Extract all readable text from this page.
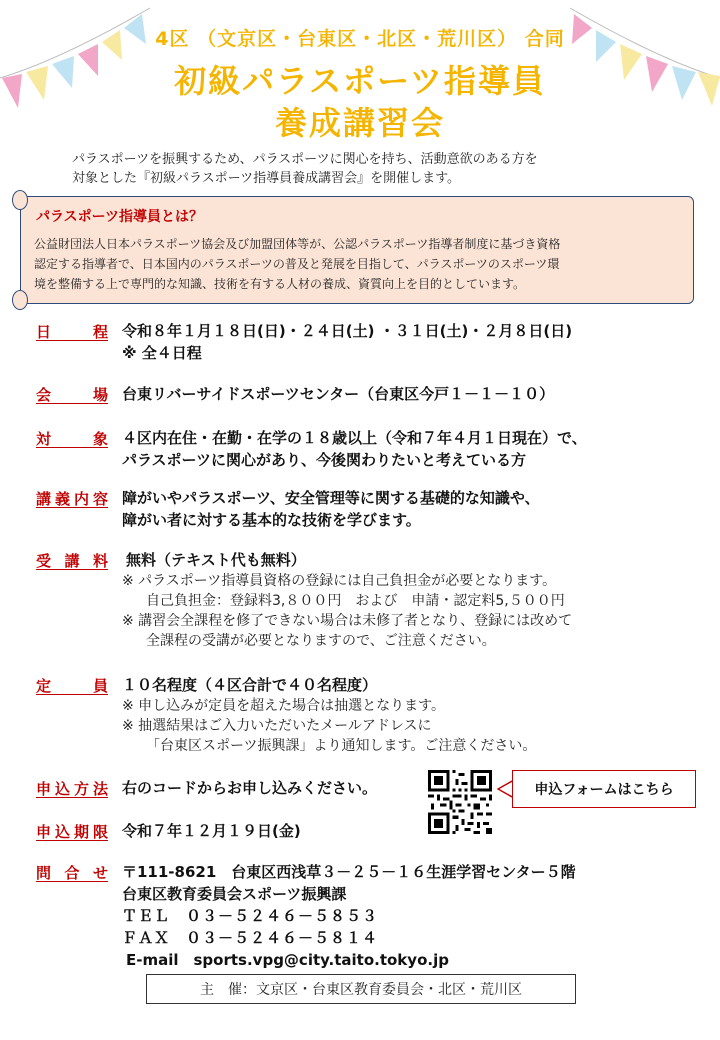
4区 （文京区・台東区・北区・荒川区） 合同
初級パラスポーツ指導員
養成講習会
パラスポーツを振興するため、パラスポーツに関心を持ち、活動意欲のある方を
対象とした『初級パラスポーツ指導員養成講習会』を開催します。
パラスポーツ指導員とは？
公益財団法人日本パラスポーツ協会及び加盟団体等が、公認パラスポーツ指導者制度に基づき資格
認定する指導者で、日本国内のパラスポーツの普及と発展を目指して、パラスポーツのスポーツ環
境を整備する上で専門的な知識、技術を有する人材の養成、資質向上を目的としています。
日程 令和８年１月１８日(日)・２４日(土) ・３１日(土)・２月８日(日)
※ 全４日程
会場 台東リバーサイドスポーツセンター（台東区今戸１－１－１０）
対象 ４区内在住・在勤・在学の１８歳以上（令和７年４月１日現在）で、
パラスポーツに関心があり、今後関わりたいと考えている方
講義内容 障がいやパラスポーツ、安全管理等に関する基礎的な知識や、
障がい者に対する基本的な技術を学びます。
受講料 無料（テキスト代も無料）
※ パラスポーツ指導員資格の登録には自己負担金が必要となります。
自己負担金：登録料3,８００円　および　申請・認定料5,５００円
※ 講習会全課程を修了できない場合は未修了者となり、登録には改めて
全課程の受講が必要となりますので、ご注意ください。
定員 １０名程度（４区合計で４０名程度）
※ 申し込みが定員を超えた場合は抽選となります。
※ 抽選結果はご入力いただいたメールアドレスに
「台東区スポーツ振興課」より通知します。ご注意ください。
申込方法 右のコードからお申し込みください。	申込フォームはこちら
申込期限 令和７年１２月１９日(金)
問合せ 〒111-8621　台東区西浅草３－２５－１６生涯学習センター５階
台東区教育委員会スポーツ振興課
ＴＥＬ　０３－５２４６－５８５３
ＦＡＸ　０３－５２４６－５８１４
E-mail　sports.vpg@city.taito.tokyo.jp
主　催：文京区・台東区教育委員会・北区・荒川区
